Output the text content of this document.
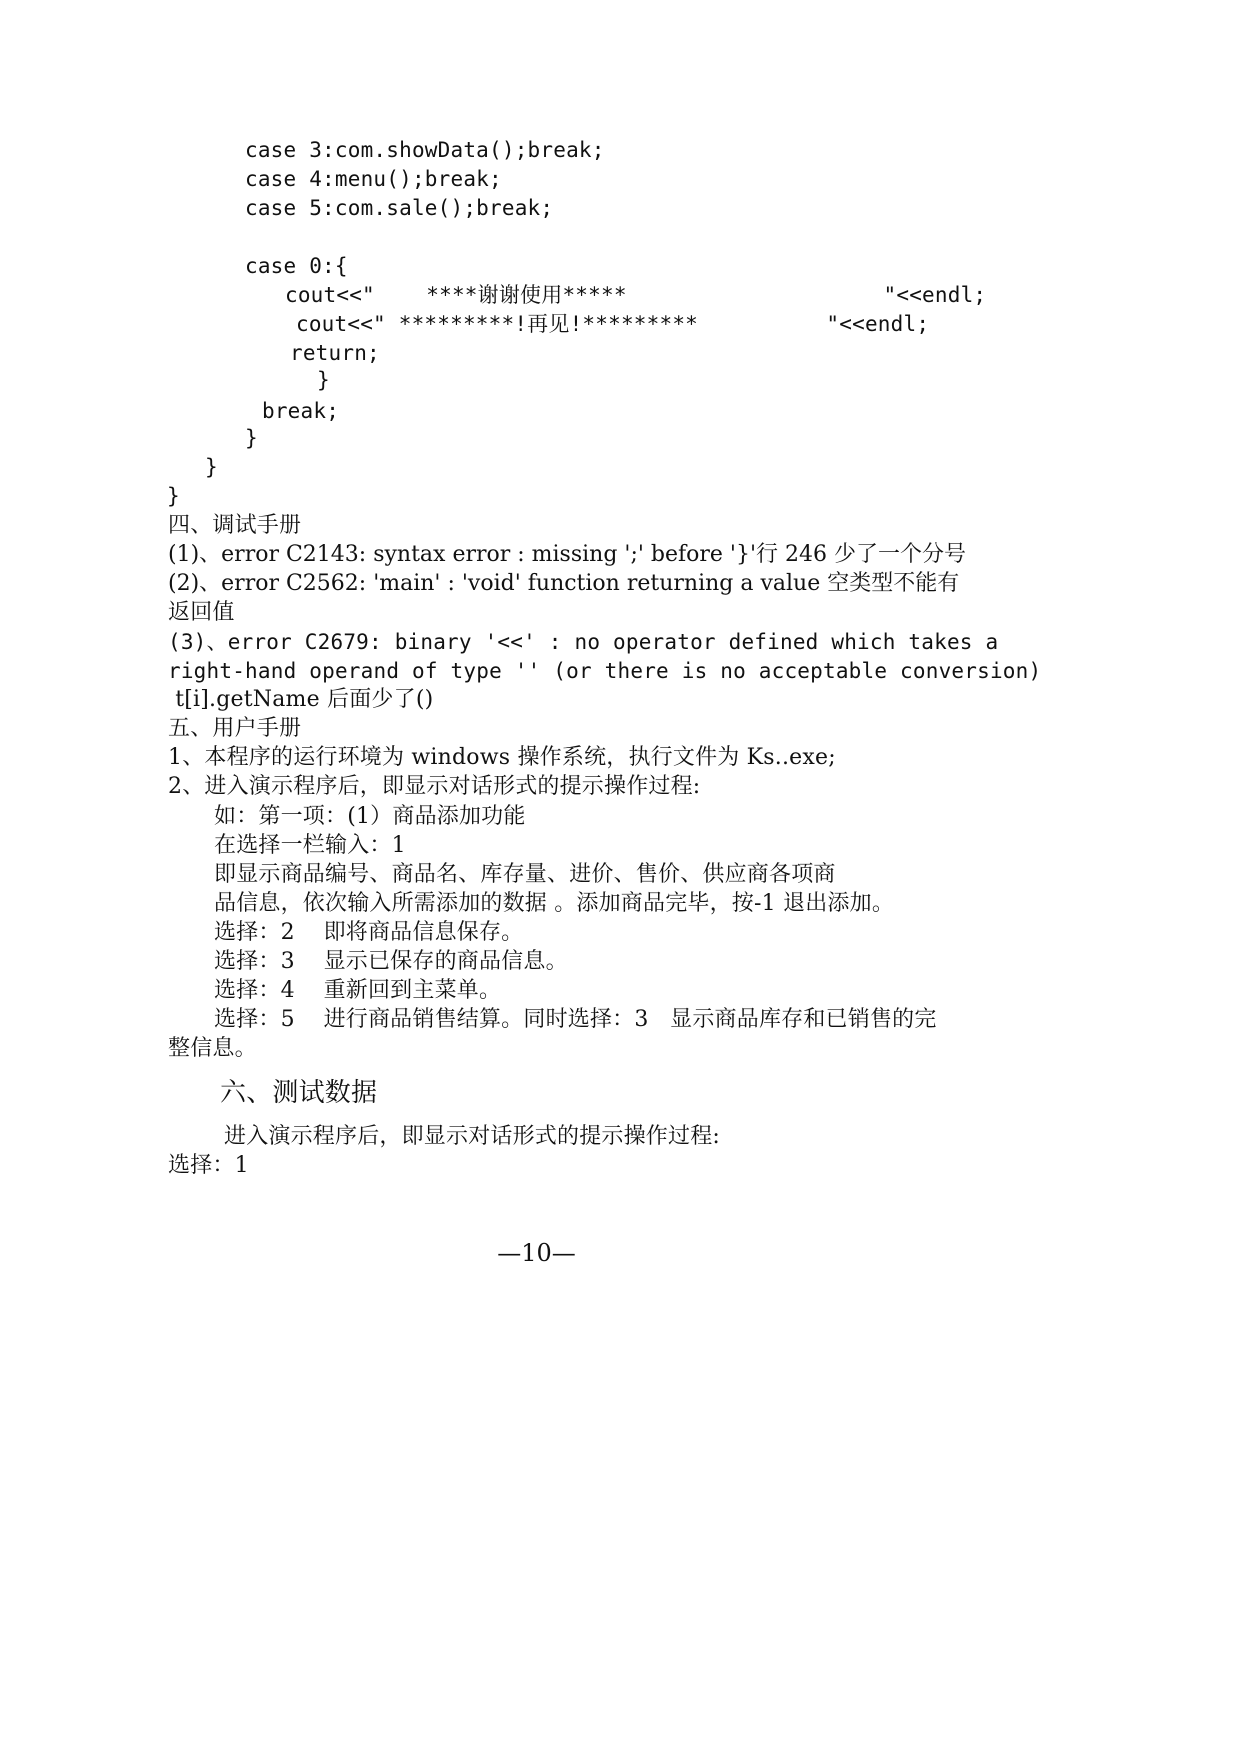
case 3:com.showData();break;
case 4:menu();break;
case 5:com.sale();break;
case 0:{
cout<<"    ****谢谢使用*****                    "<<endl;
cout<<" *********!再见!*********          "<<endl;
return;
}
break;
}
}
}
四、调试手册
(1)、error C2143: syntax error : missing ';' before '}'行 246 少了一个分号
(2)、error C2562: 'main' : 'void' function returning a value 空类型不能有
返回值
(3)、error C2679: binary '<<' : no operator defined which takes a
right-hand operand of type '' (or there is no acceptable conversion)
t[i].getName 后面少了()
五、用户手册
1、本程序的运行环境为 windows 操作系统，执行文件为 Ks..exe;
2、进入演示程序后，即显示对话形式的提示操作过程:
如：第一项：(1）商品添加功能
在选择一栏输入：1
即显示商品编号、商品名、库存量、进价、售价、供应商各项商
品信息，依次输入所需添加的数据 。添加商品完毕，按-1 退出添加。
选择：2    即将商品信息保存。
选择：3    显示已保存的商品信息。
选择：4    重新回到主菜单。
选择：5    进行商品销售结算。同时选择：3   显示商品库存和已销售的完
整信息。
六、测试数据
进入演示程序后，即显示对话形式的提示操作过程:
选择：1
—10—
